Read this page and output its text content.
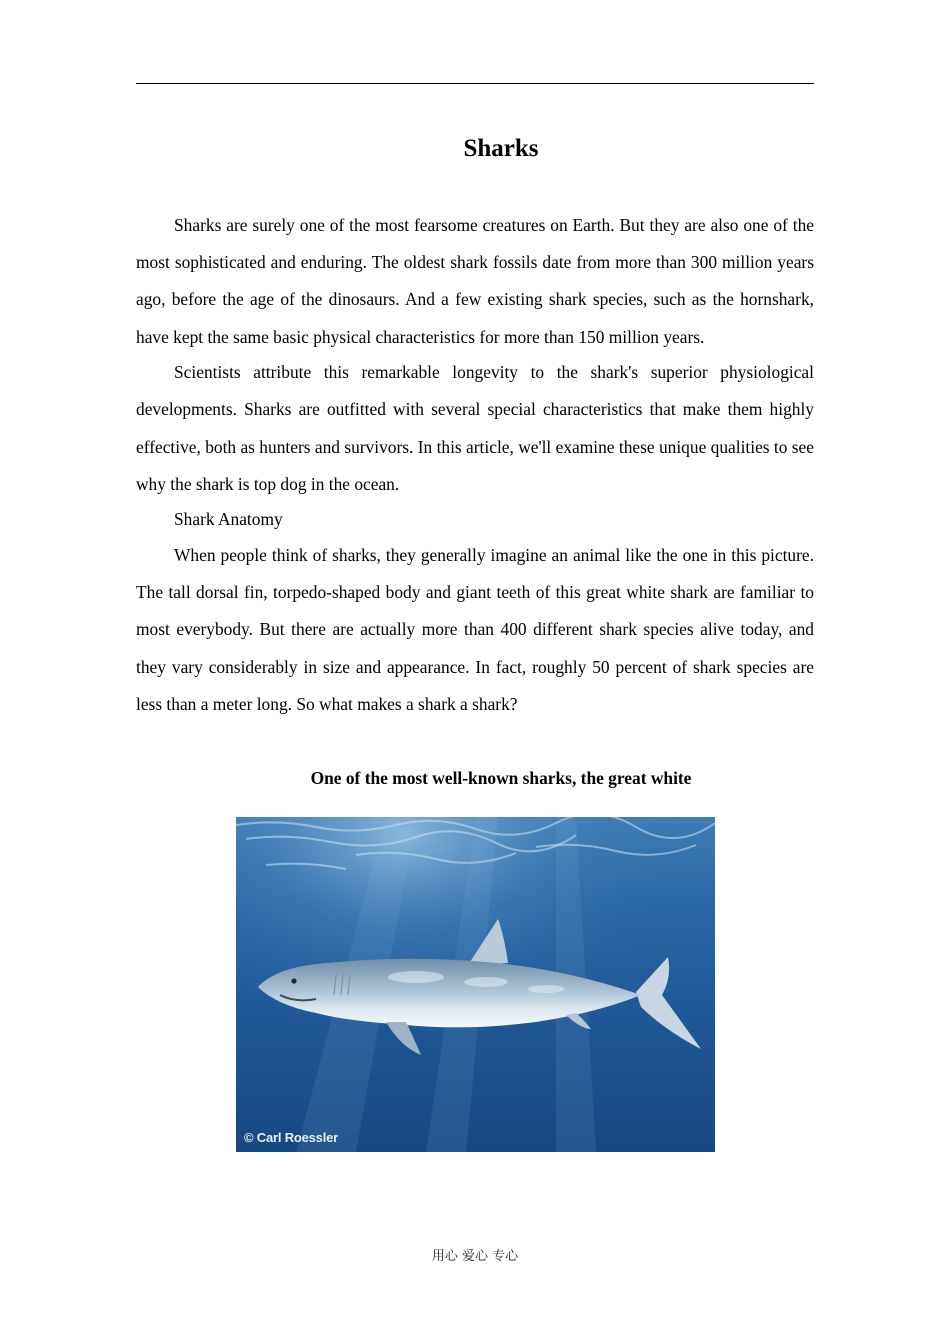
Sharks

Sharks are surely one of the most fearsome creatures on Earth. But they are also one of the most sophisticated and enduring. The oldest shark fossils date from more than 300 million years ago, before the age of the dinosaurs. And a few existing shark species, such as the hornshark, have kept the same basic physical characteristics for more than 150 million years.

Scientists attribute this remarkable longevity to the shark's superior physiological developments. Sharks are outfitted with several special characteristics that make them highly effective, both as hunters and survivors. In this article, we'll examine these unique qualities to see why the shark is top dog in the ocean.

Shark Anatomy

When people think of sharks, they generally imagine an animal like the one in this picture. The tall dorsal fin, torpedo-shaped body and giant teeth of this great white shark are familiar to most everybody. But there are actually more than 400 different shark species alive today, and they vary considerably in size and appearance. In fact, roughly 50 percent of shark species are less than a meter long. So what makes a shark a shark?

One of the most well-known sharks, the great white

© Carl Roessler
用心 爱心 专心
